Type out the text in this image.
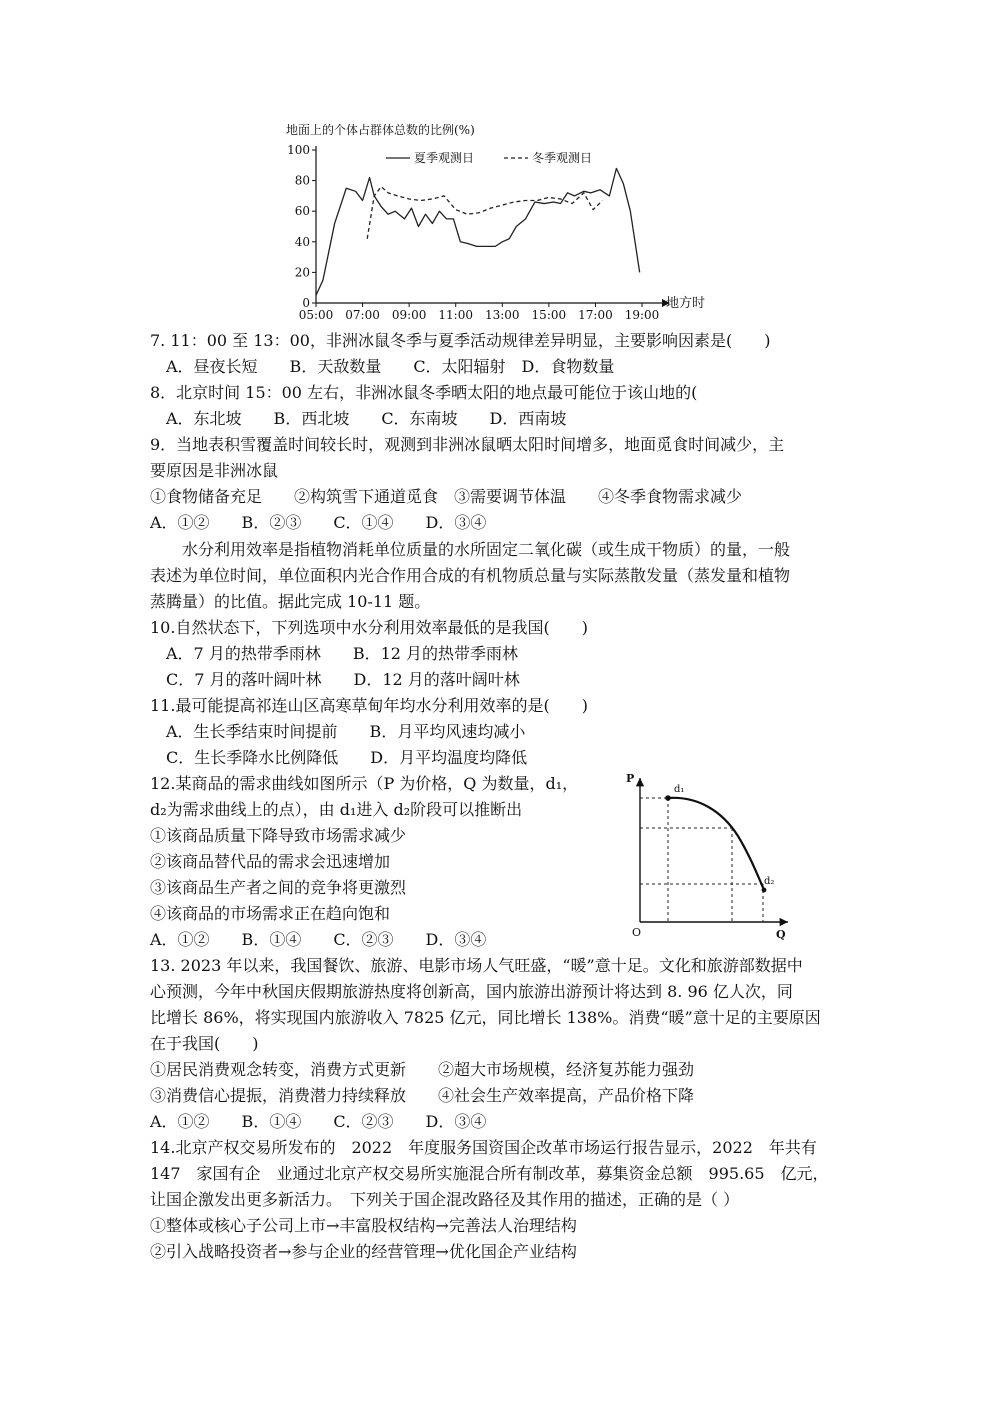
地面上的个体占群体总数的比例(%)
0
20
40
60
80
100
05:00 07:00 09:00 11:00 13:00 15:00 17:00 19:00
地方时
夏季观测日	冬季观测日
P
Q
O
d₁
d₂
7. 11：00 至 13：00，非洲冰鼠冬季与夏季活动规律差异明显，主要影响因素是(　　)
　A．昼夜长短　　B．天敌数量　　C．太阳辐射　D．食物数量
8．北京时间 15：00 左右，非洲冰鼠冬季晒太阳的地点最可能位于该山地的(
　A．东北坡　　B．西北坡　　C．东南坡　　D．西南坡
9．当地表积雪覆盖时间较长时，观测到非洲冰鼠晒太阳时间增多，地面觅食时间减少，主
要原因是非洲冰鼠
①食物储备充足　　②构筑雪下通道觅食　③需要调节体温　　④冬季食物需求减少
A．①②　　B．②③　　C．①④　　D．③④
　　水分利用效率是指植物消耗单位质量的水所固定二氧化碳（或生成干物质）的量，一般
表述为单位时间，单位面积内光合作用合成的有机物质总量与实际蒸散发量（蒸发量和植物
蒸腾量）的比值。据此完成 10-11 题。
10.自然状态下，下列选项中水分利用效率最低的是我国(　　)
　A．7 月的热带季雨林　　B．12 月的热带季雨林
　C．7 月的落叶阔叶林　　D．12 月的落叶阔叶林
11.最可能提高祁连山区高寒草甸年均水分利用效率的是(　　)
　A．生长季结束时间提前　　B．月平均风速均减小
　C．生长季降水比例降低　　D．月平均温度均降低
12.某商品的需求曲线如图所示（P 为价格，Q 为数量，d₁，
d₂为需求曲线上的点），由 d₁进入 d₂阶段可以推断出
①该商品质量下降导致市场需求减少
②该商品替代品的需求会迅速增加
③该商品生产者之间的竞争将更激烈
④该商品的市场需求正在趋向饱和
A．①②　　B．①④　　C．②③　　D．③④
13. 2023 年以来，我国餐饮、旅游、电影市场人气旺盛，“暖”意十足。文化和旅游部数据中
心预测，今年中秋国庆假期旅游热度将创新高，国内旅游出游预计将达到 8. 96 亿人次，同
比增长 86%，将实现国内旅游收入 7825 亿元，同比增长 138%。消费“暖”意十足的主要原因
在于我国(　　)
①居民消费观念转变，消费方式更新　　②超大市场规模，经济复苏能力强劲
③消费信心提振，消费潜力持续释放　　④社会生产效率提高，产品价格下降
A．①②　　B．①④　　C．②③　　D．③④
14.北京产权交易所发布的　2022　年度服务国资国企改革市场运行报告显示，2022　年共有
147　家国有企　业通过北京产权交易所实施混合所有制改革，募集资金总额　995.65　亿元，
让国企激发出更多新活力。　下列关于国企混改路径及其作用的描述，正确的是（ ）
①整体或核心子公司上市→丰富股权结构→完善法人治理结构
②引入战略投资者→参与企业的经营管理→优化国企产业结构
